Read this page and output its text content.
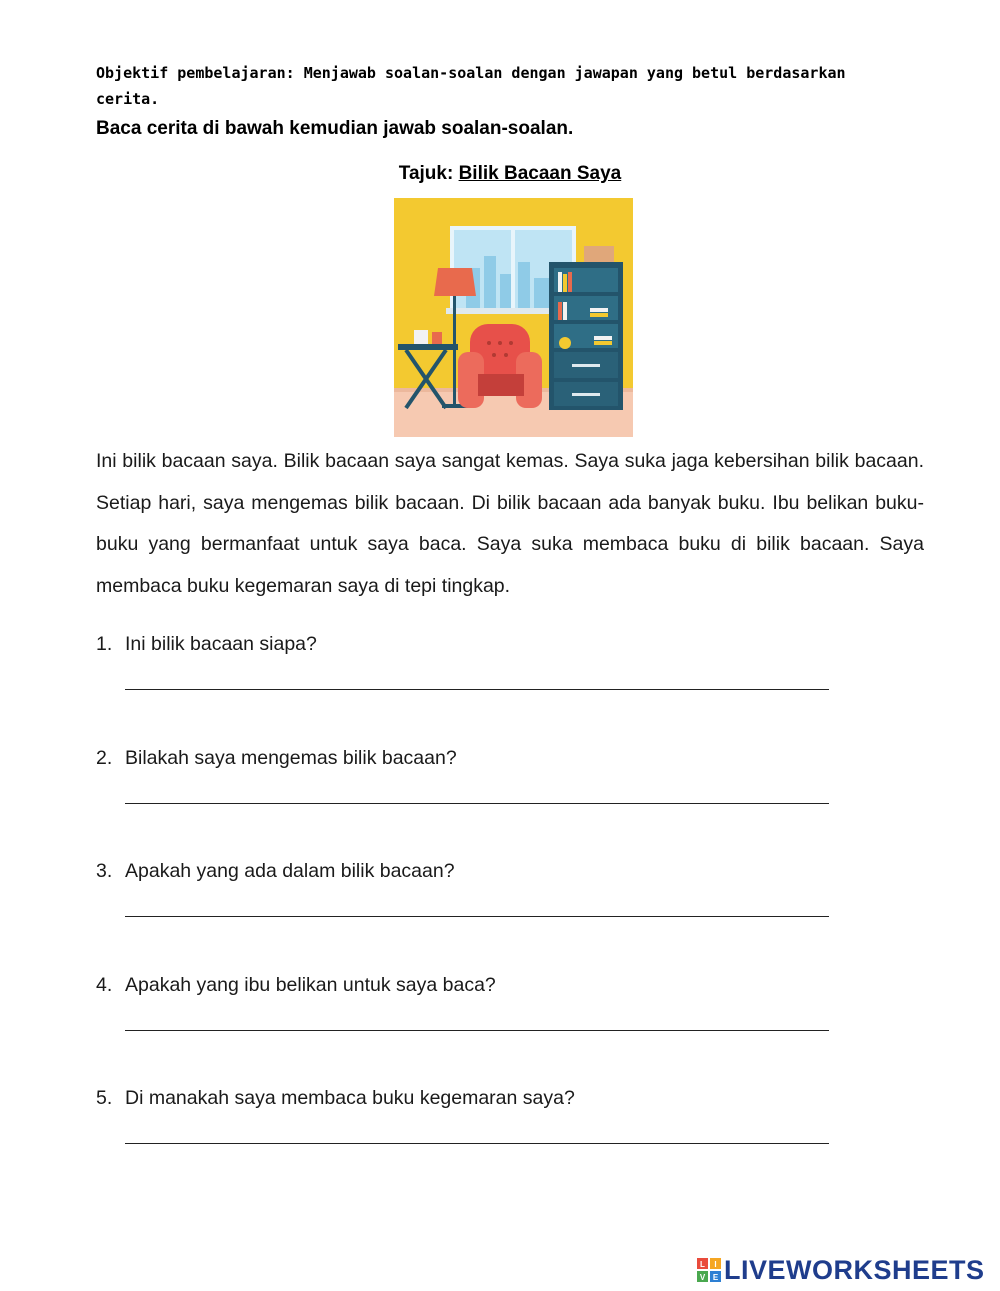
Objektif pembelajaran: Menjawab soalan-soalan dengan jawapan yang betul berdasarkan cerita.
Baca cerita di bawah kemudian jawab soalan-soalan.
Tajuk: Bilik Bacaan Saya
Ini bilik bacaan saya. Bilik bacaan saya sangat kemas. Saya suka jaga kebersihan bilik bacaan. Setiap hari, saya mengemas bilik bacaan. Di bilik bacaan ada banyak buku. Ibu belikan buku-buku yang bermanfaat untuk saya baca. Saya suka membaca buku di bilik bacaan. Saya membaca buku kegemaran saya di tepi tingkap.
1. Ini bilik bacaan siapa?
2. Bilakah saya mengemas bilik bacaan?
3. Apakah yang ada dalam bilik bacaan?
4. Apakah yang ibu belikan untuk saya baca?
5. Di manakah saya membaca buku kegemaran saya?
L I
V E LIVEWORKSHEETS
